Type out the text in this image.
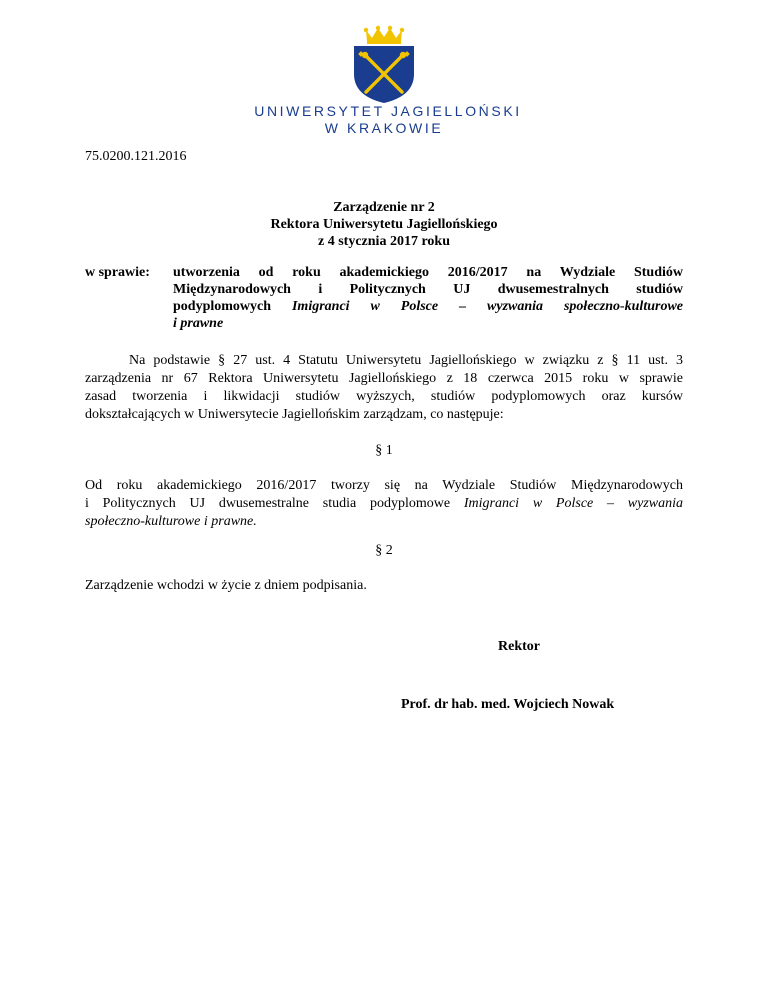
UNIWERSYTET JAGIELLOŃSKI
W KRAKOWIE
75.0200.121.2016
Zarządzenie nr 2
Rektora Uniwersytetu Jagiellońskiego
z 4 stycznia 2017 roku
w sprawie: utworzenia od roku akademickiego 2016/2017 na Wydziale Studiów
Międzynarodowych i Politycznych UJ dwusemestralnych studiów
podyplomowych Imigranci w Polsce – wyzwania społeczno-kulturowe
i prawne
Na podstawie § 27 ust. 4 Statutu Uniwersytetu Jagiellońskiego w związku z § 11 ust. 3
zarządzenia nr 67 Rektora Uniwersytetu Jagiellońskiego z 18 czerwca 2015 roku w sprawie
zasad tworzenia i likwidacji studiów wyższych, studiów podyplomowych oraz kursów
dokształcających w Uniwersytecie Jagiellońskim zarządzam, co następuje:
§ 1
Od roku akademickiego 2016/2017 tworzy się na Wydziale Studiów Międzynarodowych
i Politycznych UJ dwusemestralne studia podyplomowe Imigranci w Polsce – wyzwania
społeczno-kulturowe i prawne.
§ 2
Zarządzenie wchodzi w życie z dniem podpisania.
Rektor
Prof. dr hab. med. Wojciech Nowak
